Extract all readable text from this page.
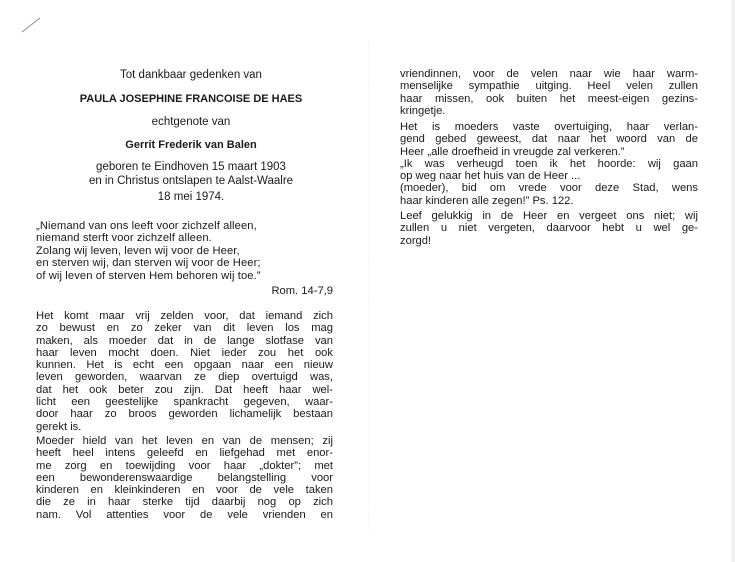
Tot dankbaar gedenken van
PAULA JOSEPHINE FRANCOISE DE HAES
echtgenote van
Gerrit Frederik van Balen
geboren te Eindhoven 15 maart 1903
en in Christus ontslapen te Aalst-Waalre
18 mei 1974.
„Niemand van ons leeft voor zichzelf alleen,
niemand sterft voor zichzelf alleen.
Zolang wij leven, leven wij voor de Heer,
en sterven wij, dan sterven wij voor de Heer;
of wij leven of sterven Hem behoren wij toe.”
Rom. 14-7,9
Het komt maar vrij zelden voor, dat iemand zich
zo bewust en zo zeker van dit leven los mag
maken, als moeder dat in de lange slotfase van
haar leven mocht doen. Niet ieder zou het ook
kunnen. Het is echt een opgaan naar een nieuw
leven geworden, waarvan ze diep overtuigd was,
dat het ook beter zou zijn. Dat heeft haar wel-
licht een geestelijke spankracht gegeven, waar-
door haar zo broos geworden lichamelijk bestaan
gerekt is.
Moeder hield van het leven en van de mensen; zij
heeft heel intens geleefd en liefgehad met enor-
me zorg en toewijding voor haar „dokter”; met
een bewonderenswaardige belangstelling voor
kinderen en kleinkinderen en voor de vele taken
die ze in haar sterke tijd daarbij nog op zich
nam. Vol attenties voor de vele vrienden en
vriendinnen, voor de velen naar wie haar warm-
menselijke sympathie uitging. Heel velen zullen
haar missen, ook buiten het meest-eigen gezins-
kringetje.
Het is moeders vaste overtuiging, haar verlan-
gend gebed geweest, dat naar het woord van de
Heer „alle droefheid in vreugde zal verkeren.”
„Ik was verheugd toen ik het hoorde: wij gaan
op weg naar het huis van de Heer ...
(moeder), bid om vrede voor deze Stad, wens
haar kinderen alle zegen!” Ps. 122.
Leef gelukkig in de Heer en vergeet ons niet; wij
zullen u niet vergeten, daarvoor hebt u wel ge-
zorgd!
